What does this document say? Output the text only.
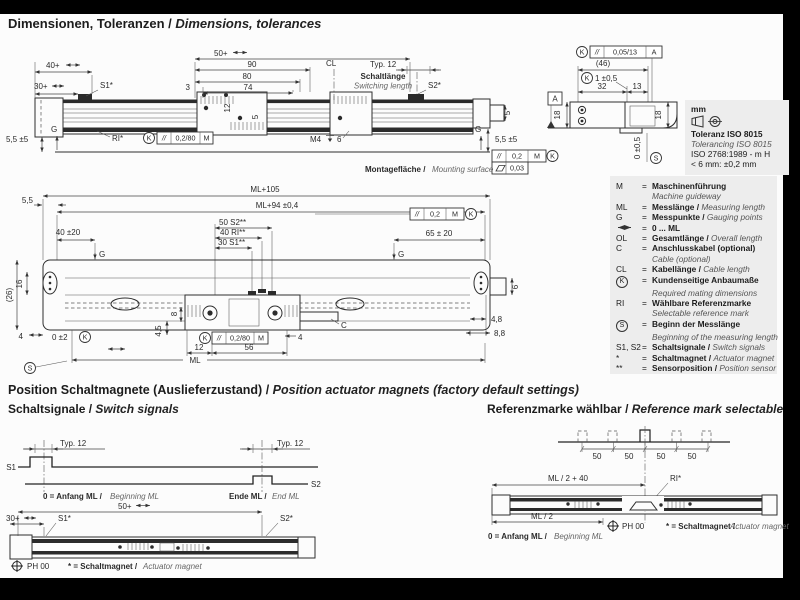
Dimensionen, Toleranzen / Dimensions, tolerances
50+
90
80
74
3
40+
30+	S1*
CL	Typ. 12
Schaltlänge
Switching length S2*
12
5
G
RI*
5,5 ±5	K // 0,2/80 M	M4 6
G
5,5 ±5
5
// 0,2 M K
0,03
Montagefläche / Mounting surface
K // 0,05/13 A
(46)
K 1 ±0,5
32	13
A
18	18
0 ±0,5 S
mm
Toleranz ISO 8015
Tolerancing ISO 8015
ISO 2768:1989 - m H
< 6 mm: ±0,2 mm
M	= Maschinenführung
Machine guideway
ML	= Messlänge /
Measuring length
G	= Messpunkte /
Gauging points
= 0 ... ML
OL	= Gesamtlänge /
Overall length
C	= Anschlusskabel (optional)
Cable (optional)
CL	= Kabellänge /
Cable length
K	= Kundenseitige Anbaumaße
Required mating dimensions
RI	= Wählbare Referenzmarke
Selectable reference mark
S	= Beginn der Messlänge
Beginning of the measuring length
S1, S2 = Schaltsignale /
Switch signals
*	= Schaltmagnet /
Actuator magnet
**	= Sensorposition /
Position sensor
ML+105
ML+94 ±0,4
5,5
40 ±20
G
50 S2**
40 RI**
30 S1**
// 0,2 M K
65 ± 20
G
16
(26)
4	0 ±2 K
8
4,5
K // 0,2/80 M
C
4
6
4,8
8,8
12	56
ML
S
Position Schaltmagnete (Auslieferzustand) / Position actuator magnets (factory default settings)
Schaltsignale / Switch signals	Referenzmarke wählbar / Reference mark selectable
Typ. 12
S1
Typ. 12
S2
0 = Anfang ML / Beginning ML	Ende ML / End ML
50+
30+	S1*	S2*
PH 00 * = Schaltmagnet / Actuator magnet
50	50	50	50
ML / 2 + 40	RI*
ML / 2
PH 00	* = Schaltmagnet /
Actuator magnet
0 = Anfang ML / Beginning ML
